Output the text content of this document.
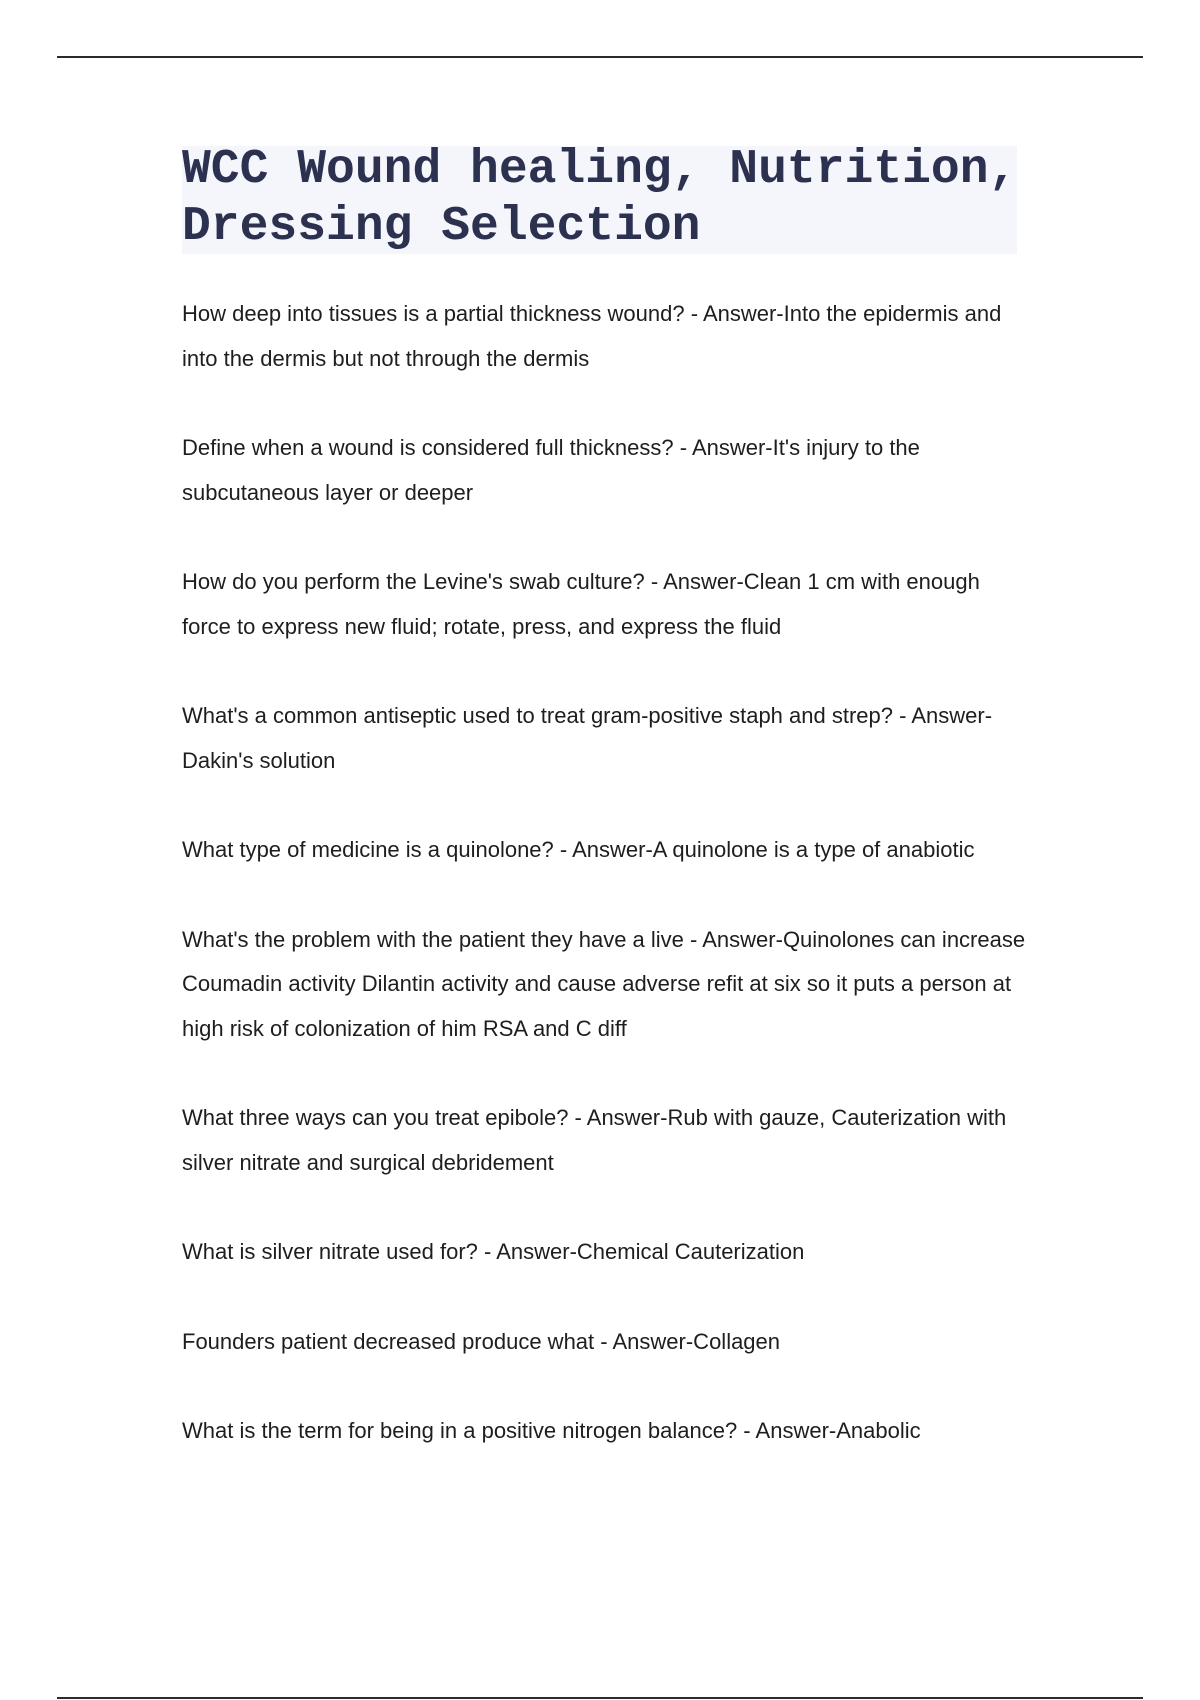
WCC Wound healing, Nutrition,
Dressing Selection
How deep into tissues is a partial thickness wound? - Answer-Into the epidermis and into the dermis but not through the dermis
Define when a wound is considered full thickness? - Answer-It's injury to the subcutaneous layer or deeper
How do you perform the Levine's swab culture? - Answer-Clean 1 cm with enough force to express new fluid; rotate, press, and express the fluid
What's a common antiseptic used to treat gram-positive staph and strep? - Answer-Dakin's solution
What type of medicine is a quinolone? - Answer-A quinolone is a type of anabiotic
What's the problem with the patient they have a live - Answer-Quinolones can increase Coumadin activity Dilantin activity and cause adverse refit at six so it puts a person at high risk of colonization of him RSA and C diff
What three ways can you treat epibole? - Answer-Rub with gauze, Cauterization with silver nitrate and surgical debridement
What is silver nitrate used for? - Answer-Chemical Cauterization
Founders patient decreased produce what - Answer-Collagen
What is the term for being in a positive nitrogen balance? - Answer-Anabolic
